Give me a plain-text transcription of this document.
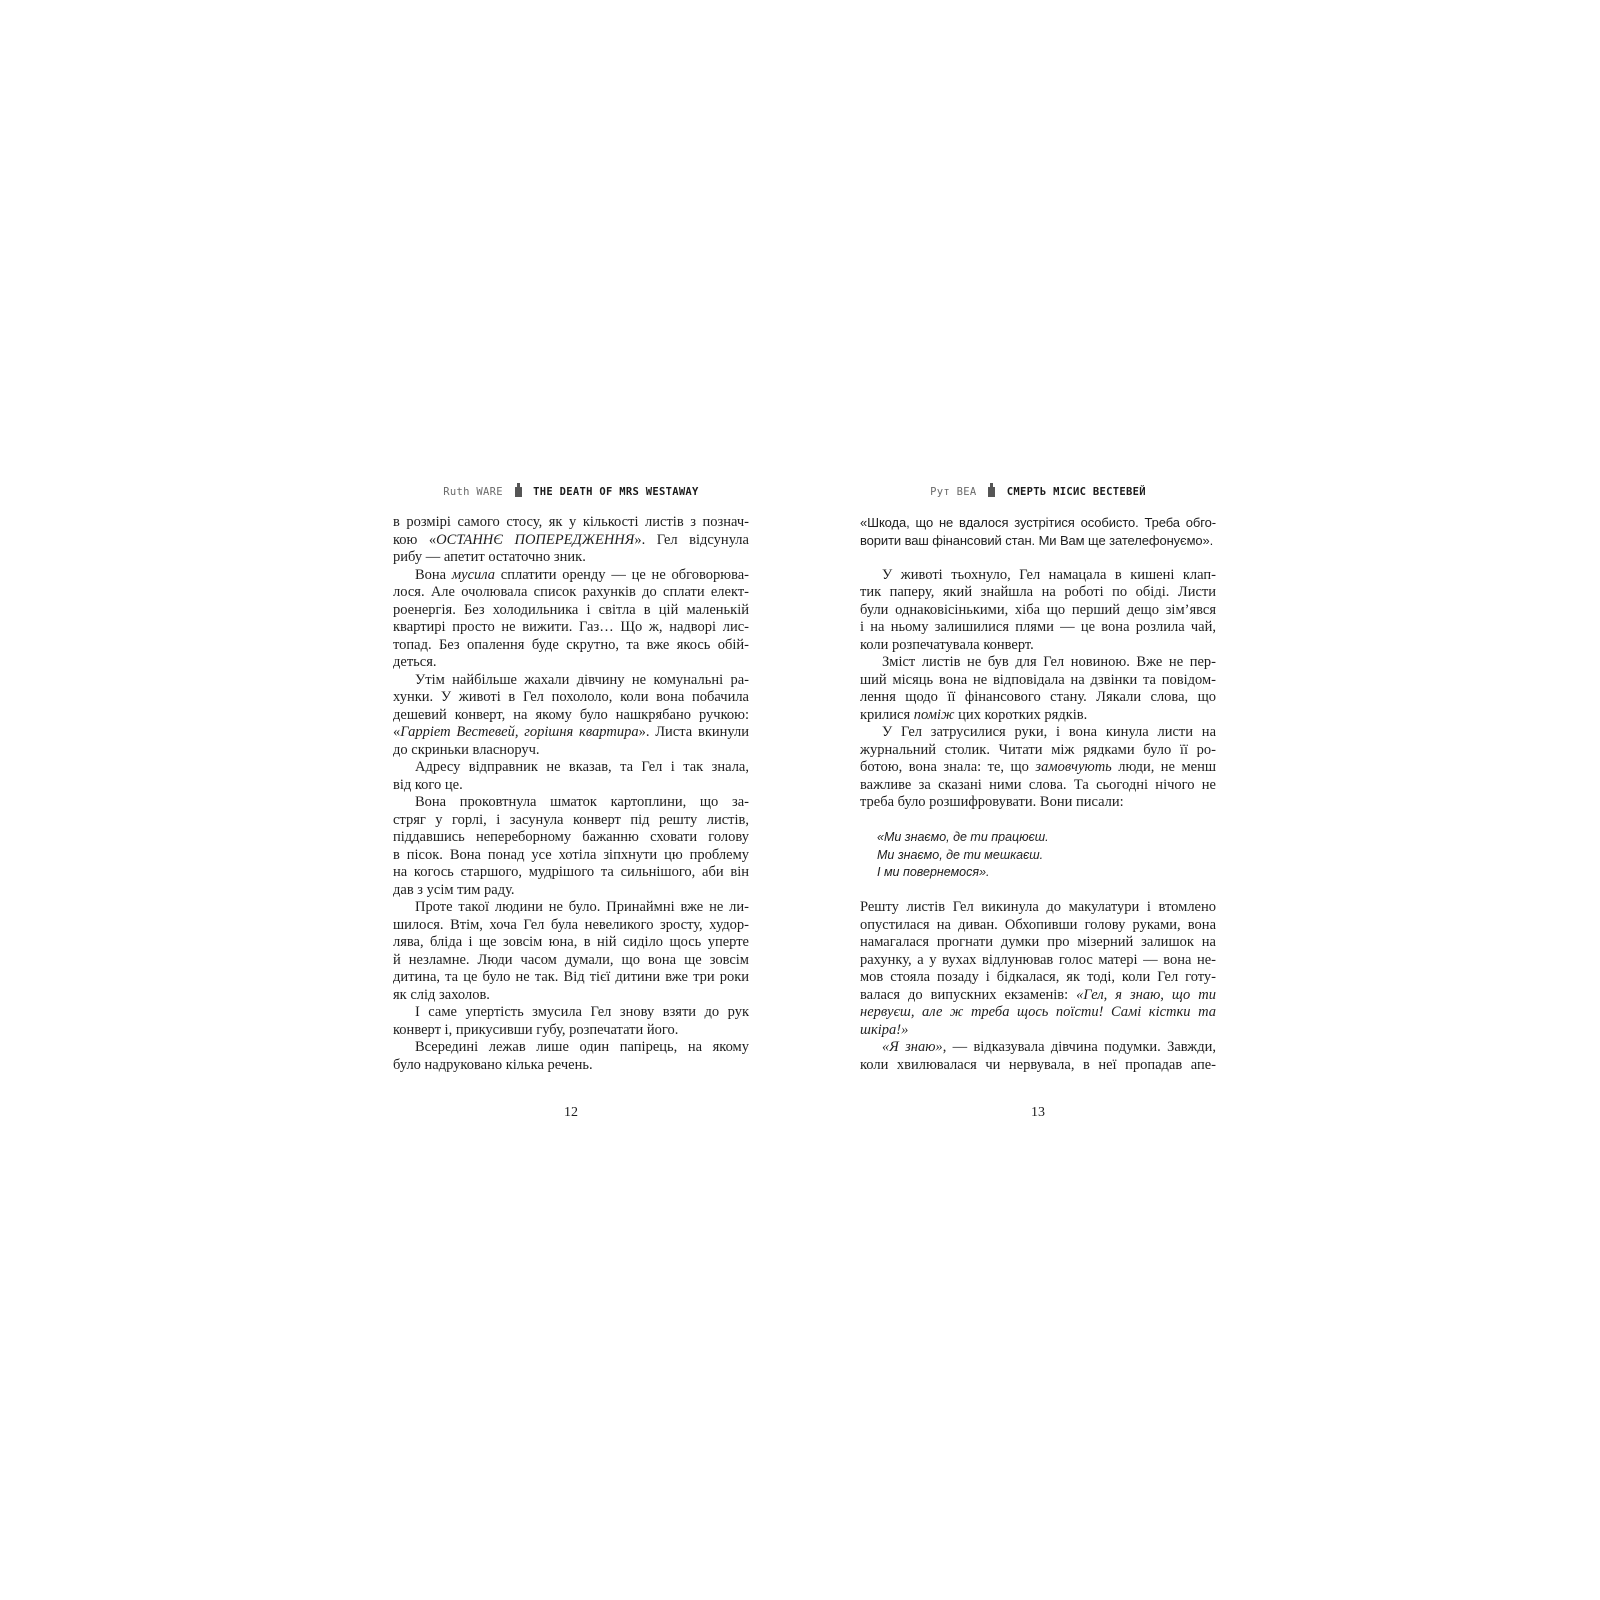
Ruth WARE	THE DEATH OF MRS WESTAWAY
в розмірі самого стосу, як у кількості листів з познач-
кою «ОСТАННЄ ПОПЕРЕДЖЕННЯ». Гел відсунула
рибу — апетит остаточно зник.
Вона мусила сплатити оренду — це не обговорюва-
лося. Але очолювала список рахунків до сплати елект-
роенергія. Без холодильника і світла в цій маленькій
квартирі просто не вижити. Газ… Що ж, надворі лис-
топад. Без опалення буде скрутно, та вже якось обій-
деться.
Утім найбільше жахали дівчину не комунальні ра-
хунки. У животі в Гел похололо, коли вона побачила
дешевий конверт, на якому було нашкрябано ручкою:
«Гарріет Вестевей, горішня квартира». Листа вкинули
до скриньки власноруч.
Адресу відправник не вказав, та Гел і так знала,
від кого це.
Вона проковтнула шматок картоплини, що за-
стряг у горлі, і засунула конверт під решту листів,
піддавшись непереборному бажанню сховати голову
в пісок. Вона понад усе хотіла зіпхнути цю проблему
на когось старшого, мудрішого та сильнішого, аби він
дав з усім тим раду.
Проте такої людини не було. Принаймні вже не ли-
шилося. Втім, хоча Гел була невеликого зросту, худор-
лява, бліда і ще зовсім юна, в ній сиділо щось уперте
й незламне. Люди часом думали, що вона ще зовсім
дитина, та це було не так. Від тієї дитини вже три роки
як слід захолов.
І саме упертість змусила Гел знову взяти до рук
конверт і, прикусивши губу, розпечатати його.
Всередині лежав лише один папірець, на якому
було надруковано кілька речень.
12
Рут ВЕА	СМЕРТЬ МІСИС ВЕСТЕВЕЙ
«Шкода, що не вдалося зустрітися особисто. Треба обго-
ворити ваш фінансовий стан. Ми Вам ще зателефонуємо».
У животі тьохнуло, Гел намацала в кишені клап-
тик паперу, який знайшла на роботі по обіді. Листи
були однаковісінькими, хіба що перший дещо зім’явся
і на ньому залишилися плями — це вона розлила чай,
коли розпечатувала конверт.
Зміст листів не був для Гел новиною. Вже не пер-
ший місяць вона не відповідала на дзвінки та повідом-
лення щодо її фінансового стану. Лякали слова, що
крилися поміж цих коротких рядків.
У Гел затрусилися руки, і вона кинула листи на
журнальний столик. Читати між рядками було її ро-
ботою, вона знала: те, що замовчують люди, не менш
важливе за сказані ними слова. Та сьогодні нічого не
треба було розшифровувати. Вони писали:
«Ми знаємо, де ти працюєш.
Ми знаємо, де ти мешкаєш.
І ми повернемося».
Решту листів Гел викинула до макулатури і втомлено
опустилася на диван. Обхопивши голову руками, вона
намагалася прогнати думки про мізерний залишок на
рахунку, а у вухах відлунював голос матері — вона не-
мов стояла позаду і бідкалася, як тоді, коли Гел готу-
валася до випускних екзаменів: «Гел, я знаю, що ти
нервуєш, але ж треба щось поїсти! Самі кістки та
шкіра!»
«Я знаю», — відказувала дівчина подумки. Завжди,
коли хвилювалася чи нервувала, в неї пропадав апе-
13
